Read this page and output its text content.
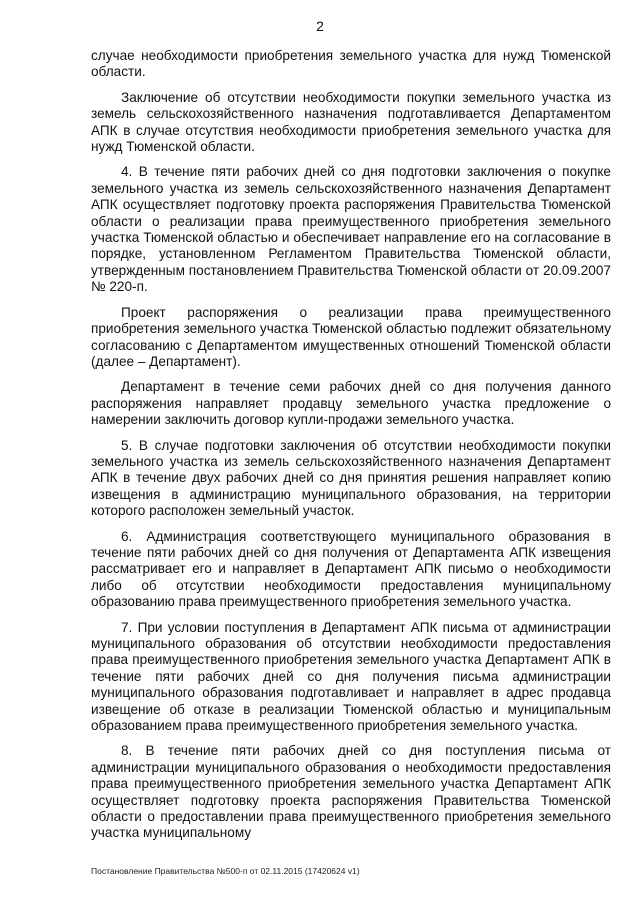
2

случае необходимости приобретения земельного участка для нужд Тюменской области.

Заключение об отсутствии необходимости покупки земельного участка из земель сельскохозяйственного назначения подготавливается Департаментом АПК в случае отсутствия необходимости приобретения земельного участка для нужд Тюменской области.

4. В течение пяти рабочих дней со дня подготовки заключения о покупке земельного участка из земель сельскохозяйственного назначения Департамент АПК осуществляет подготовку проекта распоряжения Правительства Тюменской области о реализации права преимущественного приобретения земельного участка Тюменской областью и обеспечивает направление его на согласование в порядке, установленном Регламентом Правительства Тюменской области, утвержденным постановлением Правительства Тюменской области от 20.09.2007 № 220-п.

Проект распоряжения о реализации права преимущественного приобретения земельного участка Тюменской областью подлежит обязательному согласованию с Департаментом имущественных отношений Тюменской области (далее – Департамент).

Департамент в течение семи рабочих дней со дня получения данного распоряжения направляет продавцу земельного участка предложение о намерении заключить договор купли-продажи земельного участка.

5. В случае подготовки заключения об отсутствии необходимости покупки земельного участка из земель сельскохозяйственного назначения Департамент АПК в течение двух рабочих дней со дня принятия решения направляет копию извещения в администрацию муниципального образования, на территории которого расположен земельный участок.

6. Администрация соответствующего муниципального образования в течение пяти рабочих дней со дня получения от Департамента АПК извещения рассматривает его и направляет в Департамент АПК письмо о необходимости либо об отсутствии необходимости предоставления муниципальному образованию права преимущественного приобретения земельного участка.

7. При условии поступления в Департамент АПК письма от администрации муниципального образования об отсутствии необходимости предоставления права преимущественного приобретения земельного участка Департамент АПК в течение пяти рабочих дней со дня получения письма администрации муниципального образования подготавливает и направляет в адрес продавца извещение об отказе в реализации Тюменской областью и муниципальным образованием права преимущественного приобретения земельного участка.

8. В течение пяти рабочих дней со дня поступления письма от администрации муниципального образования о необходимости предоставления права преимущественного приобретения земельного участка Департамент АПК осуществляет подготовку проекта распоряжения Правительства Тюменской области о предоставлении права преимущественного приобретения земельного участка муниципальному

Постановление Правительства №500-п от 02.11.2015 (17420624 v1)
